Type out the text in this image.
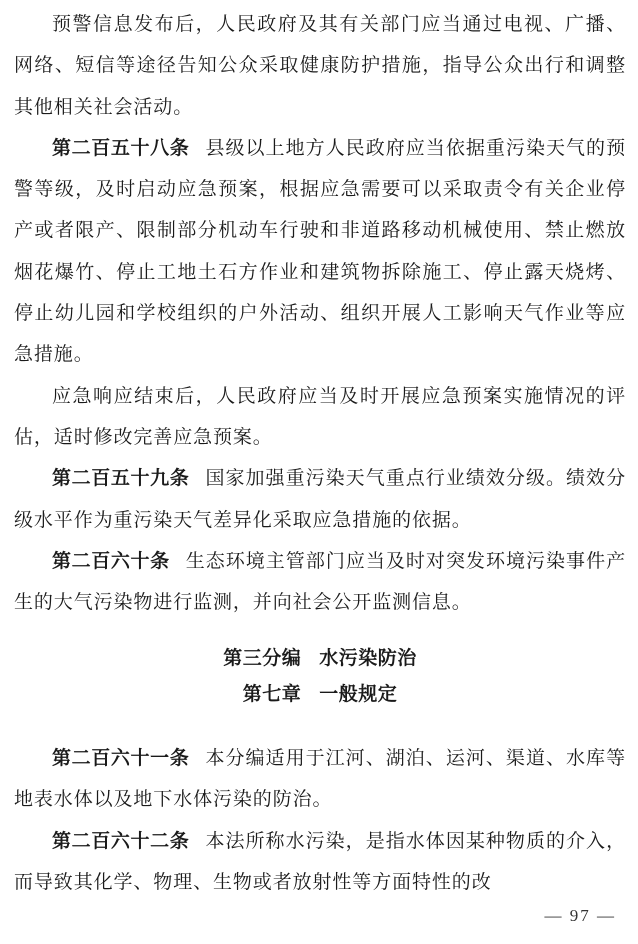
预警信息发布后，人民政府及其有关部门应当通过电视、广播、网络、短信等途径告知公众采取健康防护措施，指导公众出行和调整其他相关社会活动。

第二百五十八条 县级以上地方人民政府应当依据重污染天气的预警等级，及时启动应急预案，根据应急需要可以采取责令有关企业停产或者限产、限制部分机动车行驶和非道路移动机械使用、禁止燃放烟花爆竹、停止工地土石方作业和建筑物拆除施工、停止露天烧烤、停止幼儿园和学校组织的户外活动、组织开展人工影响天气作业等应急措施。

应急响应结束后，人民政府应当及时开展应急预案实施情况的评估，适时修改完善应急预案。

第二百五十九条 国家加强重污染天气重点行业绩效分级。绩效分级水平作为重污染天气差异化采取应急措施的依据。

第二百六十条 生态环境主管部门应当及时对突发环境污染事件产生的大气污染物进行监测，并向社会公开监测信息。

第三分编 水污染防治

第七章 一般规定

第二百六十一条 本分编适用于江河、湖泊、运河、渠道、水库等地表水体以及地下水体污染的防治。

第二百六十二条 本法所称水污染，是指水体因某种物质的介入，而导致其化学、物理、生物或者放射性等方面特性的改

— 97 —
